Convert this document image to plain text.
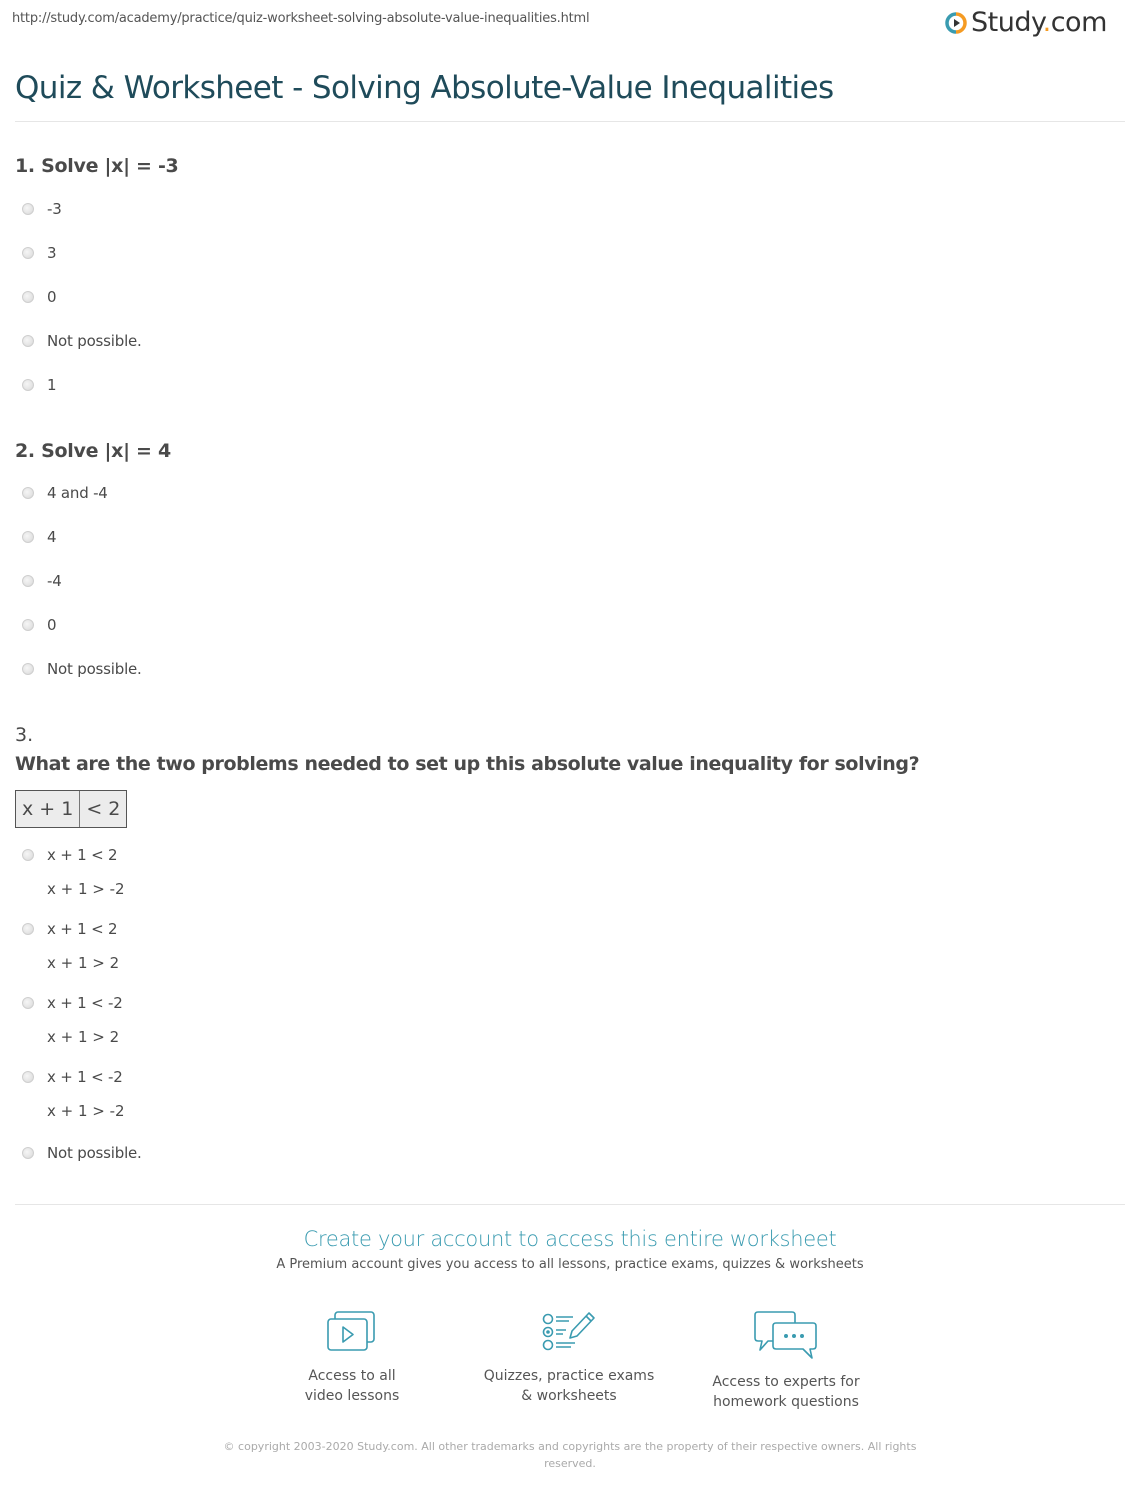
http://study.com/academy/practice/quiz-worksheet-solving-absolute-value-inequalities.html	Study.com
Quiz & Worksheet - Solving Absolute-Value Inequalities
1. Solve |x| = -3
-3
3
0
Not possible.
1
2. Solve |x| = 4
4 and -4
4
-4
0
Not possible.
3.
What are the two problems needed to set up this absolute value inequality for solving?
x + 1 < 2
x + 1 < 2
x + 1 > -2
x + 1 < 2
x + 1 > 2
x + 1 < -2
x + 1 > 2
x + 1 < -2
x + 1 > -2
Not possible.
Create your account to access this entire worksheet
A Premium account gives you access to all lessons, practice exams, quizzes & worksheets
Access to all
video lessons
Quizzes, practice exams
& worksheets
Access to experts for
homework questions
© copyright 2003-2020 Study.com. All other trademarks and copyrights are the property of their respective owners. All rights reserved.
